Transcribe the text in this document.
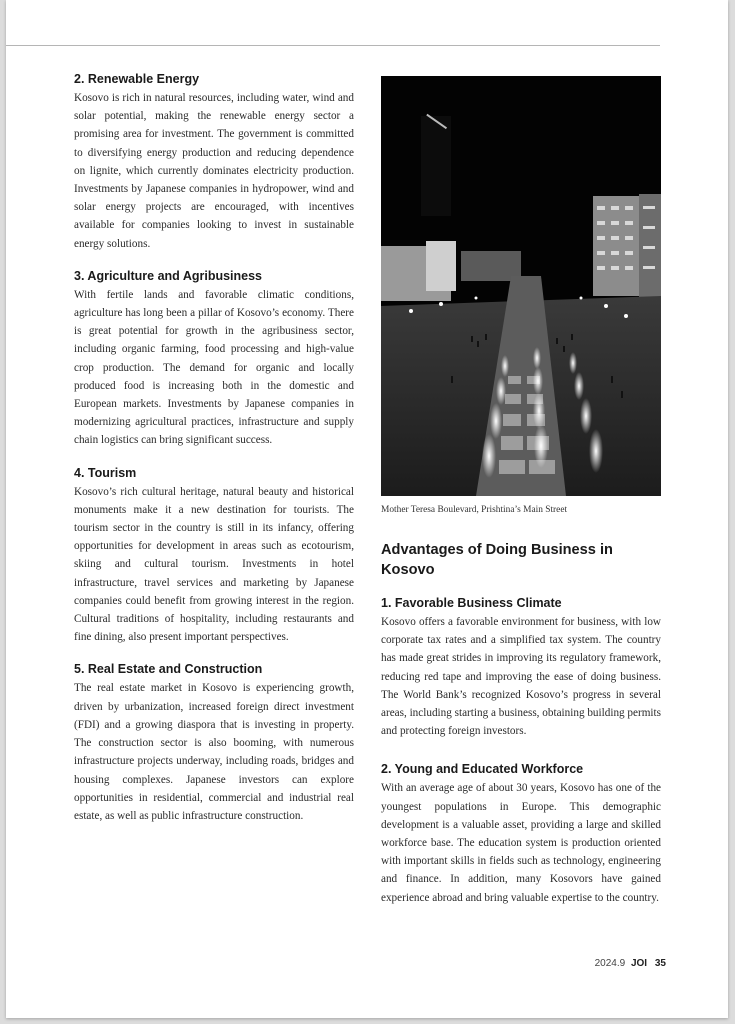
2. Renewable Energy

Kosovo is rich in natural resources, including water, wind and solar potential, making the renewable energy sector a promising area for investment. The government is committed to diversifying energy production and reducing dependence on lignite, which currently dominates electricity production. Investments by Japanese companies in hydropower, wind and solar energy projects are encouraged, with incentives available for companies looking to invest in sustainable energy solutions.

3. Agriculture and Agribusiness

With fertile lands and favorable climatic conditions, agriculture has long been a pillar of Kosovo’s economy. There is great potential for growth in the agribusiness sector, including organic farming, food processing and high-value crop production. The demand for organic and locally produced food is increasing both in the domestic and European markets. Investments by Japanese companies in modernizing agricultural practices, infrastructure and supply chain logistics can bring significant success.

4. Tourism

Kosovo’s rich cultural heritage, natural beauty and historical monuments make it a new destination for tourists. The tourism sector in the country is still in its infancy, offering opportunities for development in areas such as ecotourism, skiing and cultural tourism. Investments in hotel infrastructure, travel services and marketing by Japanese companies could benefit from growing interest in the region. Cultural traditions of hospitality, including restaurants and fine dining, also present important perspectives.

5. Real Estate and Construction

The real estate market in Kosovo is experiencing growth, driven by urbanization, increased foreign direct investment (FDI) and a growing diaspora that is investing in property. The construction sector is also booming, with numerous infrastructure projects underway, including roads, bridges and housing complexes. Japanese investors can explore opportunities in residential, commercial and industrial real estate, as well as public infrastructure construction.

Mother Teresa Boulevard, Prishtina’s Main Street
Advantages of Doing Business in Kosovo
1. Favorable Business Climate

Kosovo offers a favorable environment for business, with low corporate tax rates and a simplified tax system. The country has made great strides in improving its regulatory framework, reducing red tape and improving the ease of doing business. The World Bank’s recognized Kosovo’s progress in several areas, including starting a business, obtaining building permits and protecting foreign investors.

2. Young and Educated Workforce

With an average age of about 30 years, Kosovo has one of the youngest populations in Europe. This demographic development is a valuable asset, providing a large and skilled workforce base. The education system is production oriented with important skills in fields such as technology, engineering and finance. In addition, many Kosovors have gained experience abroad and bring valuable expertise to the country.

2024.9 JOI 35
